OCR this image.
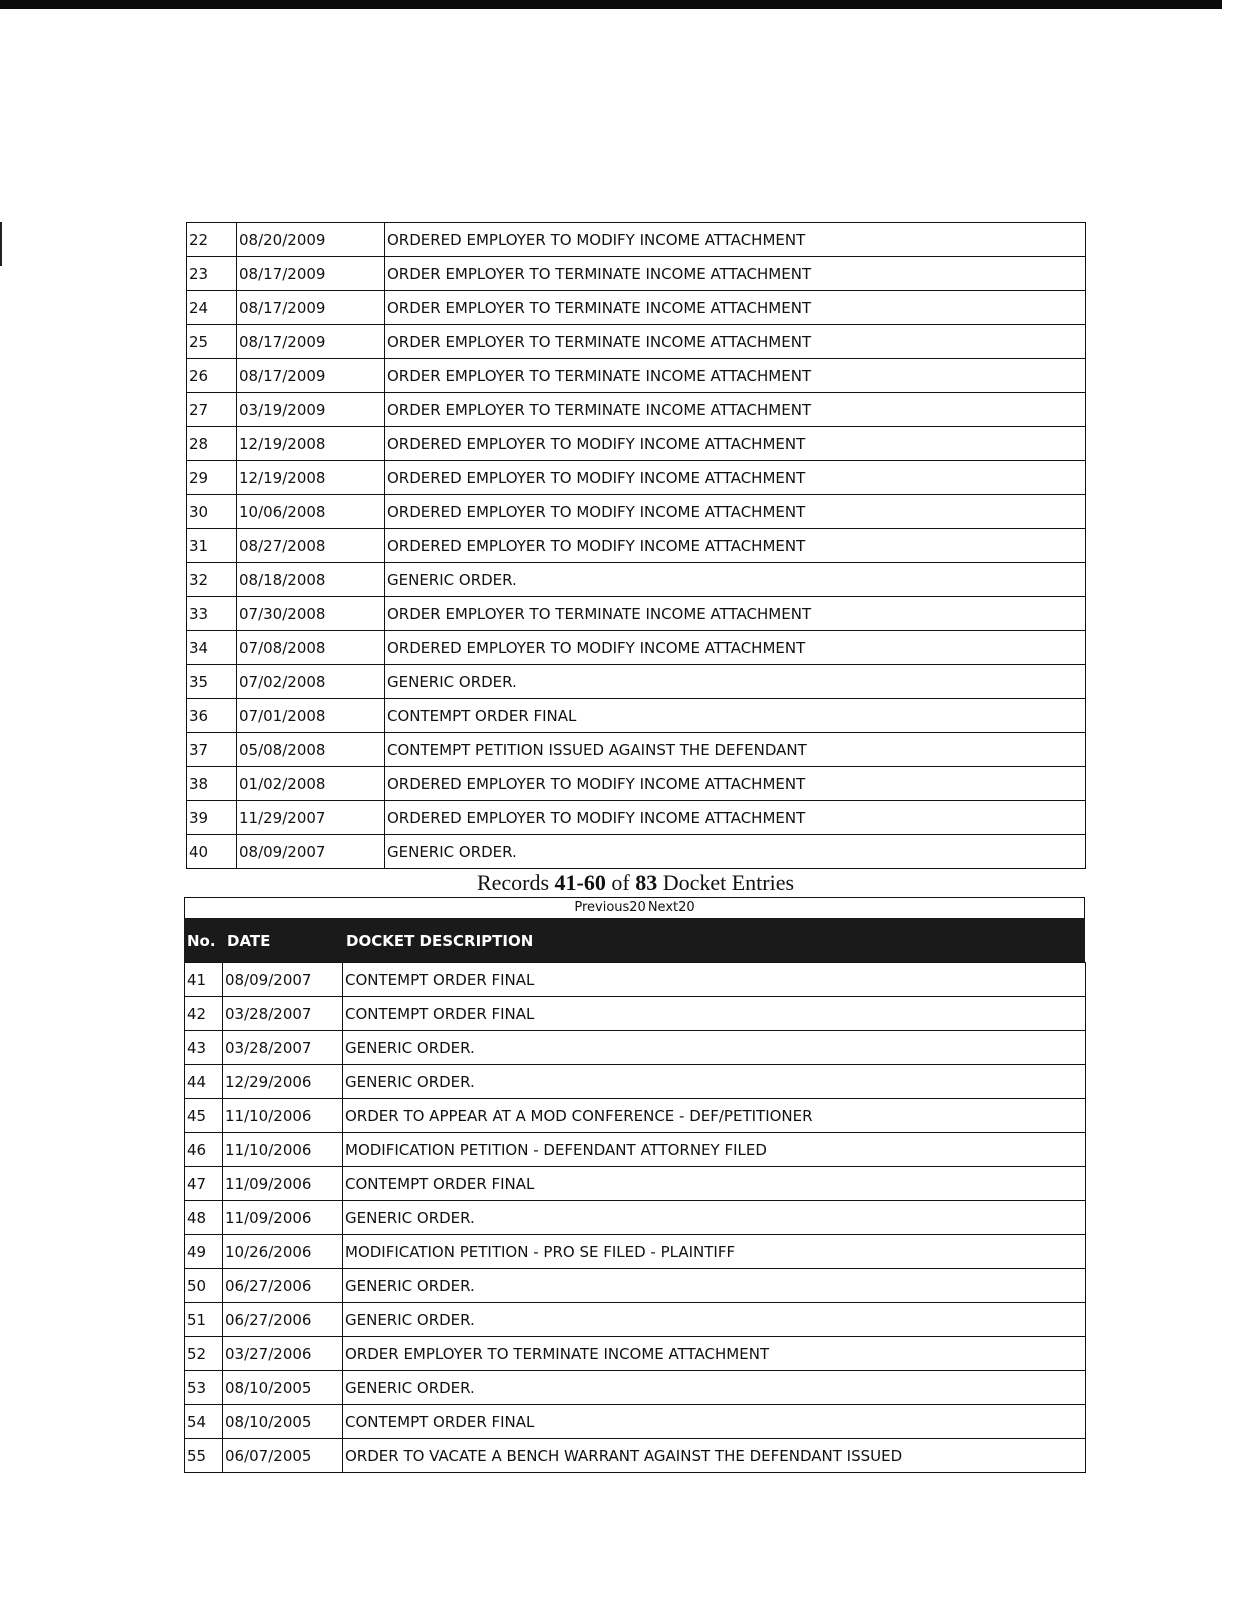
22	08/20/2009	ORDERED EMPLOYER TO MODIFY INCOME ATTACHMENT
23	08/17/2009	ORDER EMPLOYER TO TERMINATE INCOME ATTACHMENT
24	08/17/2009	ORDER EMPLOYER TO TERMINATE INCOME ATTACHMENT
25	08/17/2009	ORDER EMPLOYER TO TERMINATE INCOME ATTACHMENT
26	08/17/2009	ORDER EMPLOYER TO TERMINATE INCOME ATTACHMENT
27	03/19/2009	ORDER EMPLOYER TO TERMINATE INCOME ATTACHMENT
28	12/19/2008	ORDERED EMPLOYER TO MODIFY INCOME ATTACHMENT
29	12/19/2008	ORDERED EMPLOYER TO MODIFY INCOME ATTACHMENT
30	10/06/2008	ORDERED EMPLOYER TO MODIFY INCOME ATTACHMENT
31	08/27/2008	ORDERED EMPLOYER TO MODIFY INCOME ATTACHMENT
32	08/18/2008	GENERIC ORDER.
33	07/30/2008	ORDER EMPLOYER TO TERMINATE INCOME ATTACHMENT
34	07/08/2008	ORDERED EMPLOYER TO MODIFY INCOME ATTACHMENT
35	07/02/2008	GENERIC ORDER.
36	07/01/2008	CONTEMPT ORDER FINAL
37	05/08/2008	CONTEMPT PETITION ISSUED AGAINST THE DEFENDANT
38	01/02/2008	ORDERED EMPLOYER TO MODIFY INCOME ATTACHMENT
39	11/29/2007	ORDERED EMPLOYER TO MODIFY INCOME ATTACHMENT
40	08/09/2007	GENERIC ORDER.
Records 41-60 of 83 Docket Entries
Previous20 Next20
No. DATE	DOCKET DESCRIPTION
41	08/09/2007	CONTEMPT ORDER FINAL
42	03/28/2007	CONTEMPT ORDER FINAL
43	03/28/2007	GENERIC ORDER.
44	12/29/2006	GENERIC ORDER.
45	11/10/2006	ORDER TO APPEAR AT A MOD CONFERENCE - DEF/PETITIONER
46	11/10/2006	MODIFICATION PETITION - DEFENDANT ATTORNEY FILED
47	11/09/2006	CONTEMPT ORDER FINAL
48	11/09/2006	GENERIC ORDER.
49	10/26/2006	MODIFICATION PETITION - PRO SE FILED - PLAINTIFF
50	06/27/2006	GENERIC ORDER.
51	06/27/2006	GENERIC ORDER.
52	03/27/2006	ORDER EMPLOYER TO TERMINATE INCOME ATTACHMENT
53	08/10/2005	GENERIC ORDER.
54	08/10/2005	CONTEMPT ORDER FINAL
55	06/07/2005	ORDER TO VACATE A BENCH WARRANT AGAINST THE DEFENDANT ISSUED
